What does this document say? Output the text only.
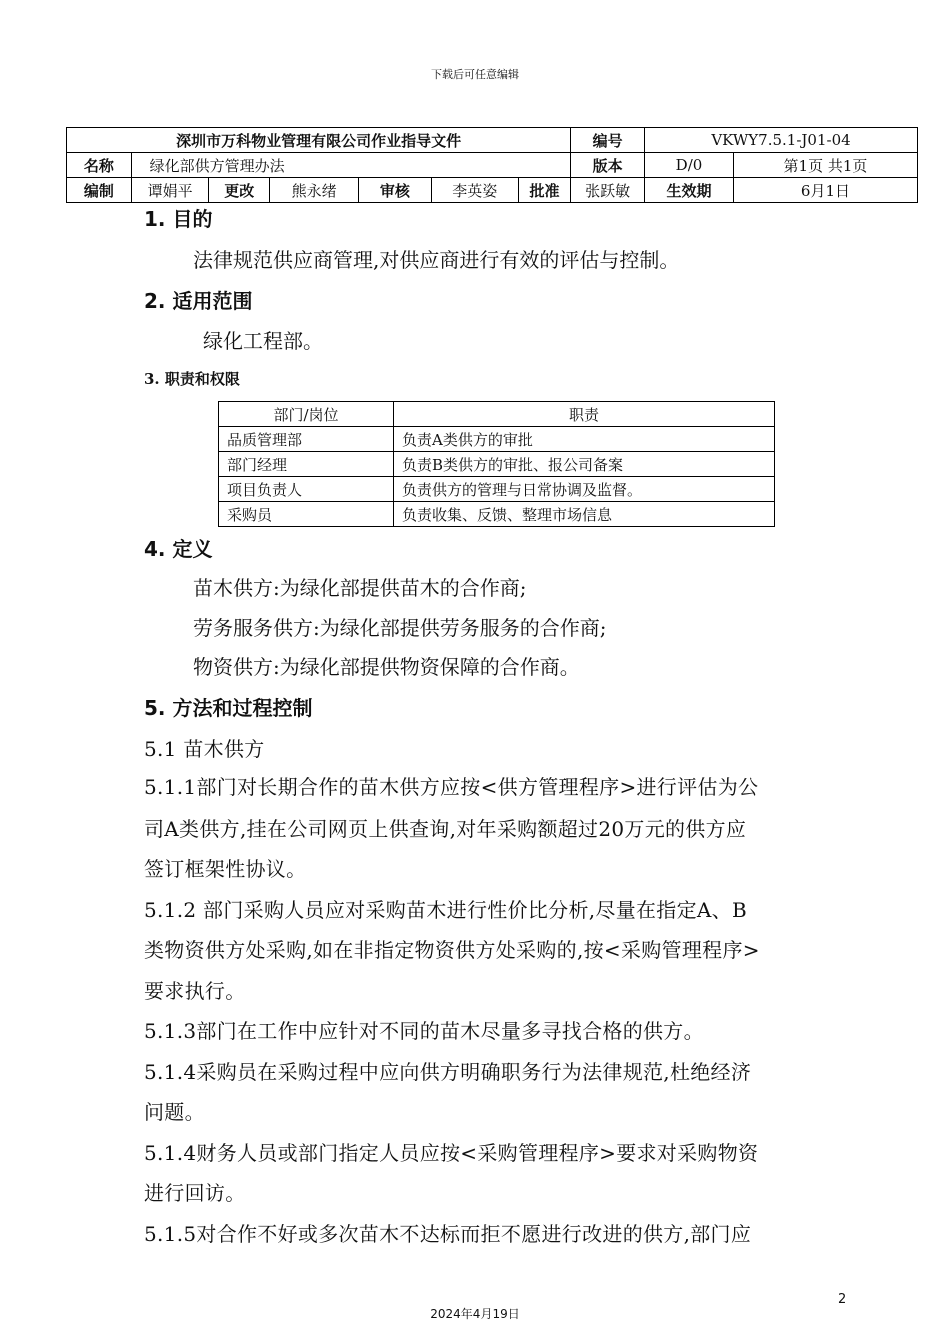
下载后可任意编辑
深圳市万科物业管理有限公司作业指导文件							编号	VKWY7.5.1-J01-04	
名称	绿化部供方管理办法						版本	D/0	第1页 共1页
编制	谭娟平	更改	熊永绪	审核	李英姿	批准	张跃敏	生效期	6月1日
1. 目的
法律规范供应商管理,对供应商进行有效的评估与控制。
2. 适用范围
绿化工程部。
3. 职责和权限
部门/岗位	职责
品质管理部	负责A类供方的审批
部门经理	负责B类供方的审批、报公司备案
项目负责人	负责供方的管理与日常协调及监督。
采购员	负责收集、反馈、整理市场信息
4. 定义
苗木供方:为绿化部提供苗木的合作商;
劳务服务供方:为绿化部提供劳务服务的合作商;
物资供方:为绿化部提供物资保障的合作商。
5. 方法和过程控制
5.1 苗木供方
5.1.1部门对长期合作的苗木供方应按<供方管理程序>进行评估为公
司A类供方,挂在公司网页上供查询,对年采购额超过20万元的供方应
签订框架性协议。
5.1.2 部门采购人员应对采购苗木进行性价比分析,尽量在指定A、B
类物资供方处采购,如在非指定物资供方处采购的,按<采购管理程序>
要求执行。
5.1.3部门在工作中应针对不同的苗木尽量多寻找合格的供方。
5.1.4采购员在采购过程中应向供方明确职务行为法律规范,杜绝经济
问题。
5.1.4财务人员或部门指定人员应按<采购管理程序>要求对采购物资
进行回访。
5.1.5对合作不好或多次苗木不达标而拒不愿进行改进的供方,部门应
2
2024年4月19日
